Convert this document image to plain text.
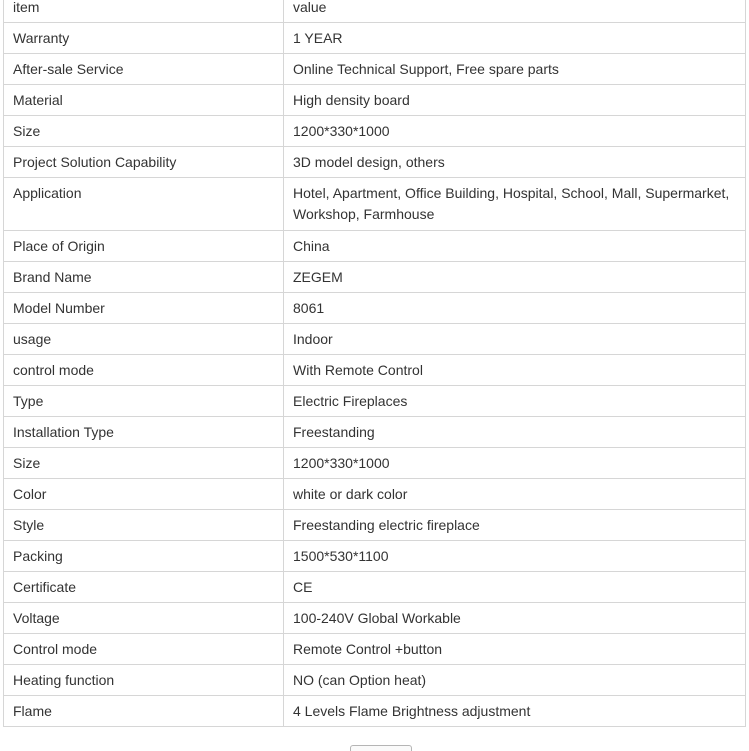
item	value
Warranty	1 YEAR
After-sale Service	Online Technical Support, Free spare parts
Material	High density board
Size	1200*330*1000
Project Solution Capability	3D model design, others
Application	Hotel, Apartment, Office Building, Hospital, School, Mall, Supermarket, Workshop, Farmhouse
Place of Origin	China
Brand Name	ZEGEM
Model Number	8061
usage	Indoor
control mode	With Remote Control
Type	Electric Fireplaces
Installation Type	Freestanding
Size	1200*330*1000
Color	white or dark color
Style	Freestanding electric fireplace
Packing	1500*530*1100
Certificate	CE
Voltage	100-240V Global Workable
Control mode	Remote Control +button
Heating function	NO (can Option heat)
Flame	4 Levels Flame Brightness adjustment
